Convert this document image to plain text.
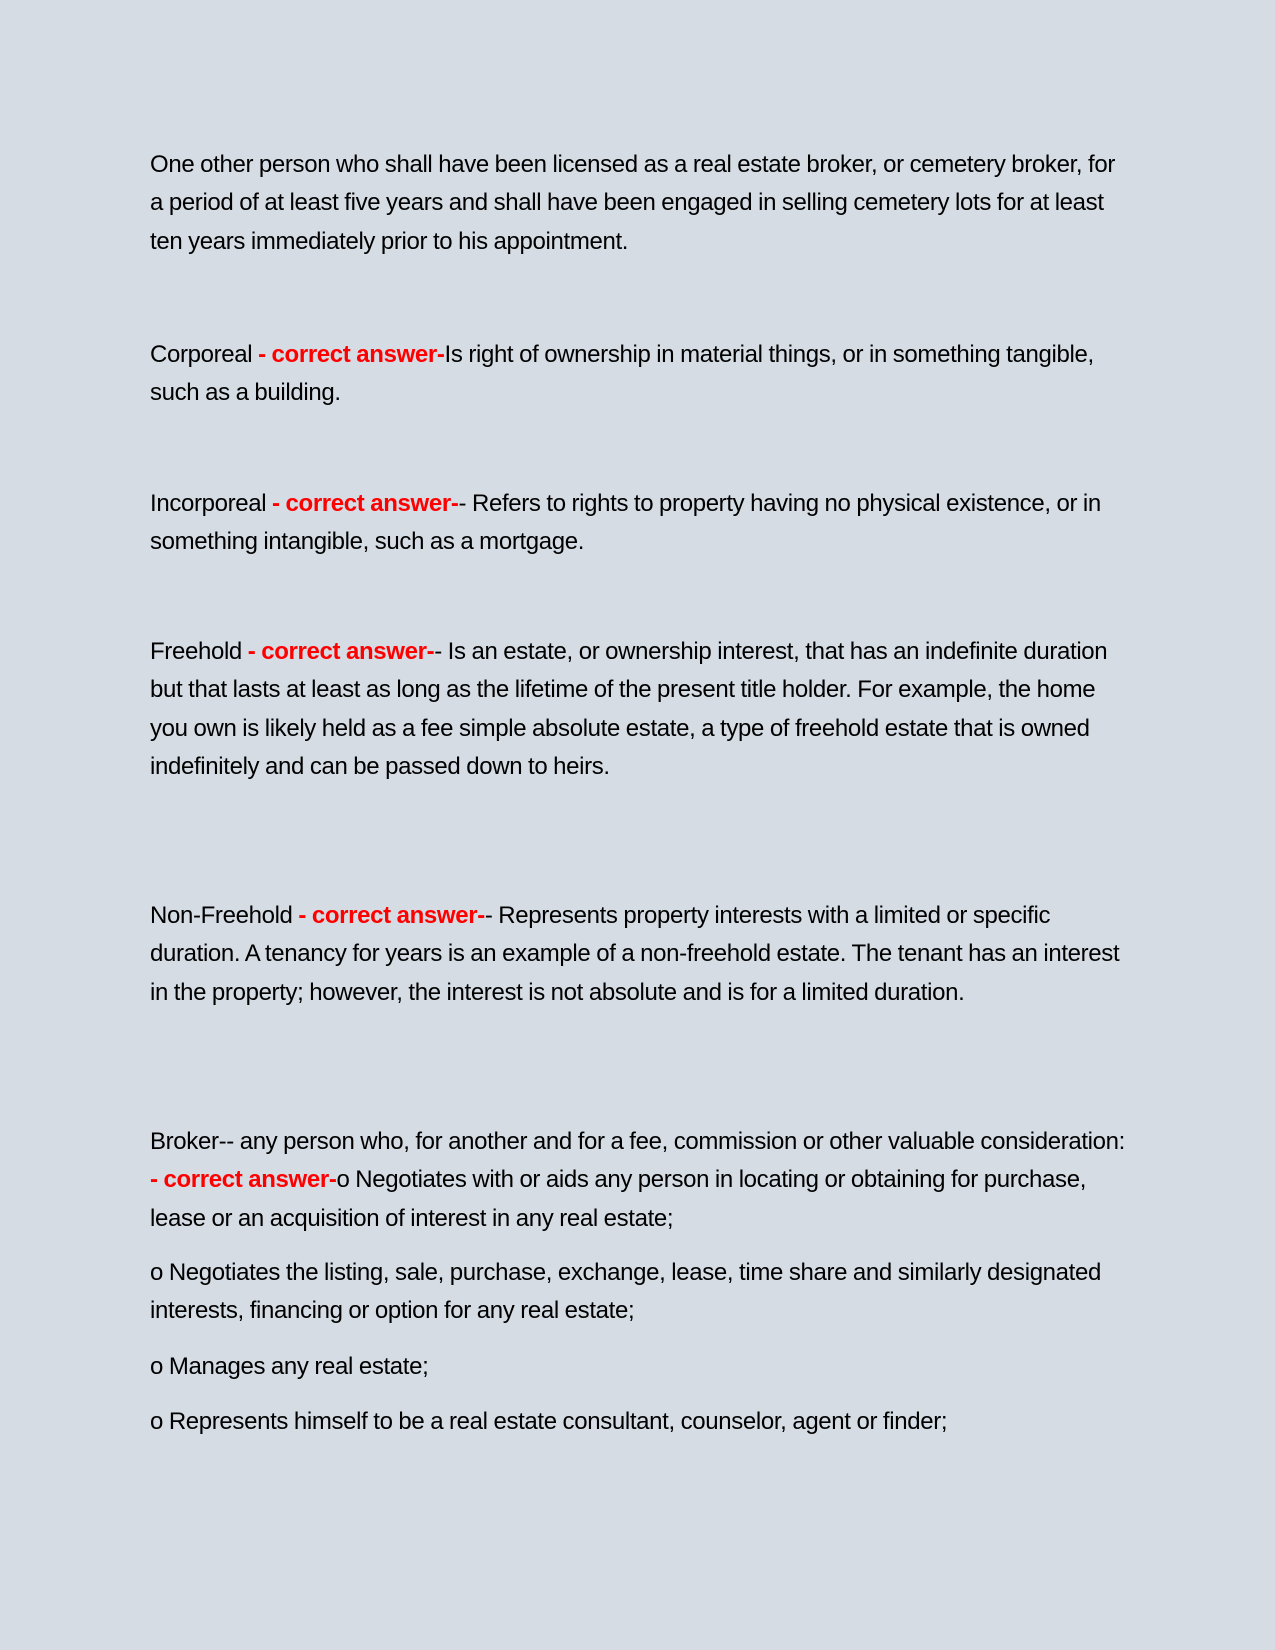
One other person who shall have been licensed as a real estate broker, or cemetery broker, for a period of at least five years and shall have been engaged in selling cemetery lots for at least ten years immediately prior to his appointment.

Corporeal - correct answer-Is right of ownership in material things, or in something tangible, such as a building.

Incorporeal - correct answer-- Refers to rights to property having no physical existence, or in something intangible, such as a mortgage.

Freehold - correct answer-- Is an estate, or ownership interest, that has an indefinite duration but that lasts at least as long as the lifetime of the present title holder. For example, the home you own is likely held as a fee simple absolute estate, a type of freehold estate that is owned indefinitely and can be passed down to heirs.

Non-Freehold - correct answer-- Represents property interests with a limited or specific duration. A tenancy for years is an example of a non-freehold estate. The tenant has an interest in the property; however, the interest is not absolute and is for a limited duration.

Broker-- any person who, for another and for a fee, commission or other valuable consideration: - correct answer-o Negotiates with or aids any person in locating or obtaining for purchase, lease or an acquisition of interest in any real estate;

o Negotiates the listing, sale, purchase, exchange, lease, time share and similarly designated interests, financing or option for any real estate;

o Manages any real estate;

o Represents himself to be a real estate consultant, counselor, agent or finder;
